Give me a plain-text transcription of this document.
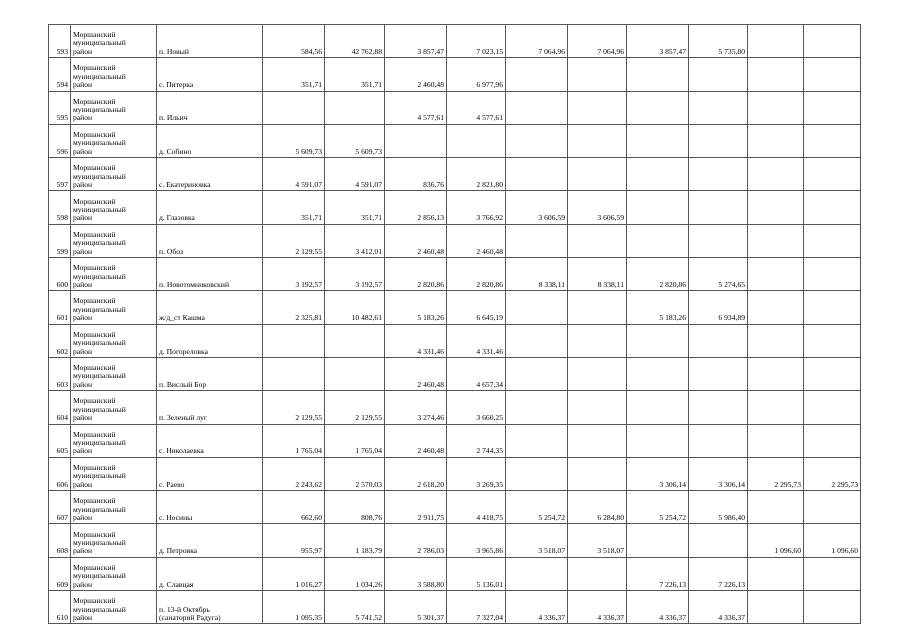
593	Моршанский
муниципальный
район	п. Новый	584,56	42 762,88	3 857,47	7 023,15	7 064,96	7 064,96	3 857,47	5 735,80		
594	Моршанский
муниципальный
район	с. Питерка	351,71	351,71	2 460,48	6 977,96						
595	Моршанский
муниципальный
район	п. Ильич			4 577,61	4 577,61						
596	Моршанский
муниципальный
район	д. Собино	5 609,73	5 609,73								
597	Моршанский
муниципальный
район	с. Екатериновка	4 591,07	4 591,07	836,76	2 821,80						
598	Моршанский
муниципальный
район	д. Глазовка	351,71	351,71	2 856,13	3 766,92	3 606,59	3 606,59				
599	Моршанский
муниципальный
район	п. Обоз	2 129,55	3 412,01	2 460,48	2 460,48						
600	Моршанский
муниципальный
район	п. Новотомниковский	3 192,57	3 192,57	2 820,86	2 820,86	8 338,11	8 338,11	2 820,86	5 274,65		
601	Моршанский
муниципальный
район	ж/д_ст Кашма	2 325,81	10 482,61	5 183,26	6 645,19			5 183,26	6 934,89		
602	Моршанский
муниципальный
район	д. Погореловка			4 331,46	4 331,46						
603	Моршанский
муниципальный
район	п. Вислый Бор			2 460,48	4 657,34						
604	Моршанский
муниципальный
район	п. Зеленый луг	2 129,55	2 129,55	3 274,46	3 660,25						
605	Моршанский
муниципальный
район	с. Николаевка	1 765,04	1 765,04	2 460,48	2 744,35						
606	Моршанский
муниципальный
район	с. Раево	2 243,62	2 570,03	2 618,20	3 269,35			3 306,14	3 306,14	2 295,73	2 295,73
607	Моршанский
муниципальный
район	с. Носины	662,60	808,76	2 911,75	4 418,75	5 254,72	6 284,80	5 254,72	5 986,40		
608	Моршанский
муниципальный
район	д. Петровка	955,97	1 183,79	2 786,03	3 965,86	3 518,07	3 518,07			1 096,60	1 096,60
609	Моршанский
муниципальный
район	д. Славцая	1 016,27	1 034,26	3 588,80	5 136,01			7 226,13	7 226,13		
610	Моршанский
муниципальный
район	п. 13-й Октябрь
(санаторий Радуга)	1 095,35	5 741,52	5 301,37	7 327,04	4 336,37	4 336,37	4 336,37	4 336,37		
